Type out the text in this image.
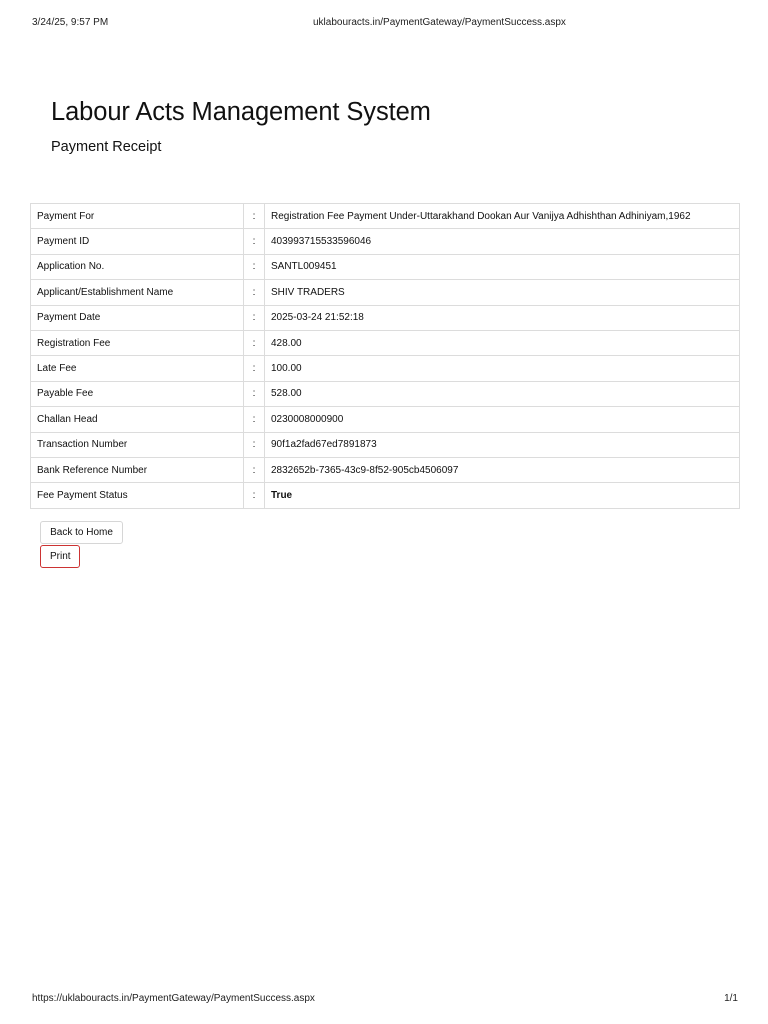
3/24/25, 9:57 PM	uklabouracts.in/PaymentGateway/PaymentSuccess.aspx
Labour Acts Management System
Payment Receipt
Payment For	:	Registration Fee Payment Under-Uttarakhand Dookan Aur Vanijya Adhishthan Adhiniyam,1962
Payment ID	:	403993715533596046
Application No.	:	SANTL009451
Applicant/Establishment Name	:	SHIV TRADERS
Payment Date	:	2025-03-24 21:52:18
Registration Fee	:	428.00
Late Fee	:	100.00
Payable Fee	:	528.00
Challan Head	:	0230008000900
Transaction Number	:	90f1a2fad67ed7891873
Bank Reference Number	:	2832652b-7365-43c9-8f52-905cb4506097
Fee Payment Status	:	True
Back to Home
Print
https://uklabouracts.in/PaymentGateway/PaymentSuccess.aspx	1/1
